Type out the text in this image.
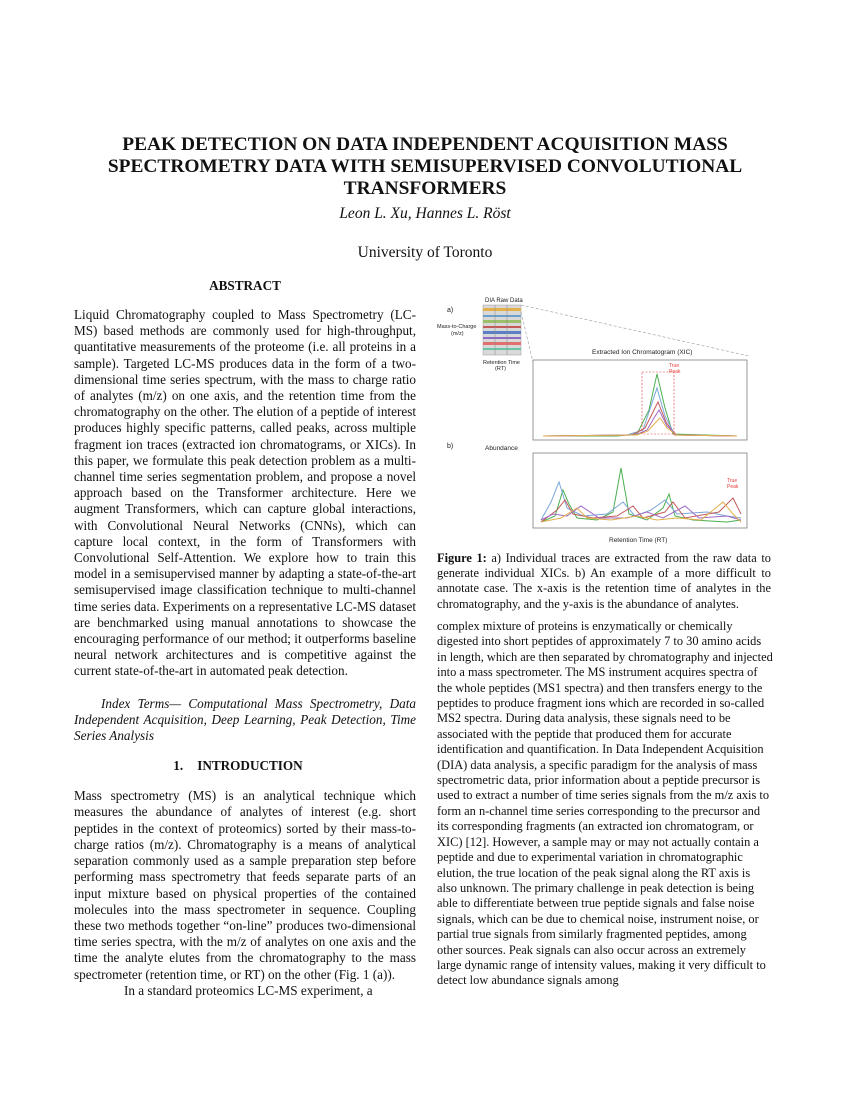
PEAK DETECTION ON DATA INDEPENDENT ACQUISITION MASS
SPECTROMETRY DATA WITH SEMISUPERVISED CONVOLUTIONAL
TRANSFORMERS
Leon L. Xu, Hannes L. Röst
University of Toronto
ABSTRACT

Liquid Chromatography coupled to Mass Spectrometry (LC-MS) based methods are commonly used for high-throughput, quantitative measurements of the proteome (i.e. all proteins in a sample). Targeted LC-MS produces data in the form of a two-dimensional time series spectrum, with the mass to charge ratio of analytes (m/z) on one axis, and the retention time from the chromatography on the other. The elution of a peptide of interest produces highly specific patterns, called peaks, across multiple fragment ion traces (extracted ion chromatograms, or XICs). In this paper, we formulate this peak detection problem as a multi-channel time series segmentation problem, and propose a novel approach based on the Transformer architecture. Here we augment Transformers, which can capture global interactions, with Convolutional Neural Networks (CNNs), which can capture local context, in the form of Transformers with Convolutional Self-Attention. We explore how to train this model in a semisupervised manner by adapting a state-of-the-art semisupervised image classification technique to multi-channel time series data. Experiments on a representative LC-MS dataset are benchmarked using manual annotations to showcase the encouraging performance of our method; it outperforms baseline neural network architectures and is competitive against the current state-of-the-art in automated peak detection.

Index Terms— Computational Mass Spectrometry, Data Independent Acquisition, Deep Learning, Peak Detection, Time Series Analysis

1. INTRODUCTION

Mass spectrometry (MS) is an analytical technique which measures the abundance of analytes of interest (e.g. short peptides in the context of proteomics) sorted by their mass-to-charge ratios (m/z). Chromatography is a means of analytical separation commonly used as a sample preparation step before performing mass spectrometry that feeds separate parts of an input mixture based on physical properties of the contained molecules into the mass spectrometer in sequence. Coupling these two methods together “on-line” produces two-dimensional time series spectra, with the m/z of analytes on one axis and the time the analyte elutes from the chromatography to the mass spectrometer (retention time, or RT) on the other (Fig. 1 (a)).

In a standard proteomics LC-MS experiment, a

a)
DIA Raw Data
Mass-to-Charge
(m/z)
Retention Time
(RT)
Extracted Ion Chromatogram (XIC)
True
Peak
b)	Abundance
True
Peak
Retention Time (RT)

Figure 1: a) Individual traces are extracted from the raw data to generate individual XICs. b) An example of a more difficult to annotate case. The x-axis is the retention time of analytes in the chromatography, and the y-axis is the abundance of analytes.

complex mixture of proteins is enzymatically or chemically digested into short peptides of approximately 7 to 30 amino acids in length, which are then separated by chromatography and injected into a mass spectrometer. The MS instrument acquires spectra of the whole peptides (MS1 spectra) and then transfers energy to the peptides to produce fragment ions which are recorded in so-called MS2 spectra. During data analysis, these signals need to be associated with the peptide that produced them for accurate identification and quantification. In Data Independent Acquisition (DIA) data analysis, a specific paradigm for the analysis of mass spectrometric data, prior information about a peptide precursor is used to extract a number of time series signals from the m/z axis to form an n-channel time series corresponding to the precursor and its corresponding fragments (an extracted ion chromatogram, or XIC) [12]. However, a sample may or may not actually contain a peptide and due to experimental variation in chromatographic elution, the true location of the peak signal along the RT axis is also unknown. The primary challenge in peak detection is being able to differentiate between true peptide signals and false noise signals, which can be due to chemical noise, instrument noise, or partial true signals from similarly fragmented peptides, among other sources. Peak signals can also occur across an extremely large dynamic range of intensity values, making it very difficult to detect low abundance signals among
